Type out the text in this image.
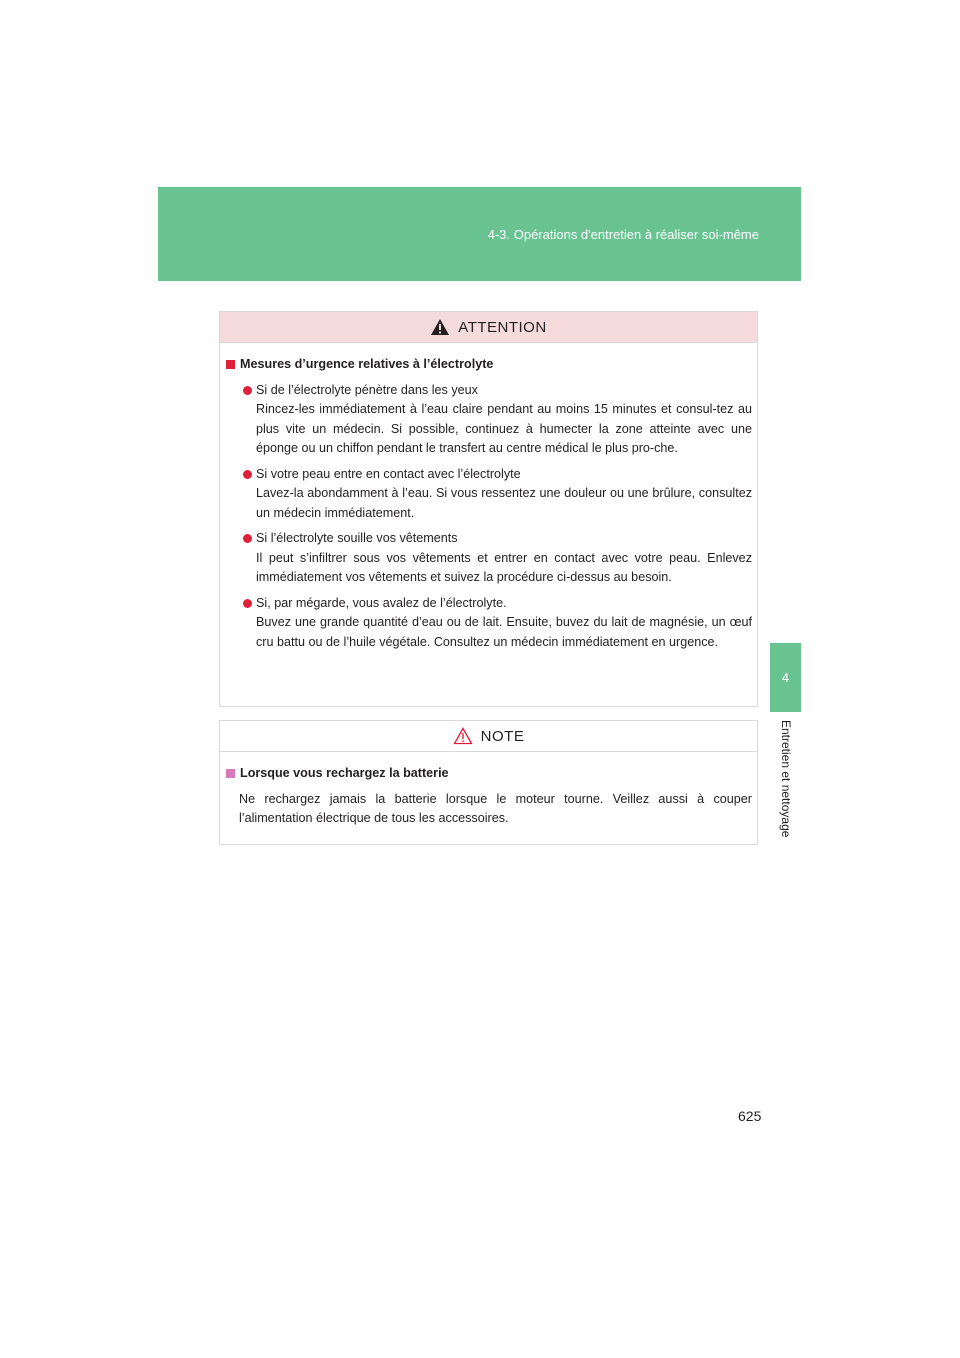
4-3. Opérations d'entretien à réaliser soi-même
4
Entretien et nettoyage
ATTENTION
Mesures d’urgence relatives à l’électrolyte
Si de l’électrolyte pénètre dans les yeux
Rincez-les immédiatement à l’eau claire pendant au moins 15 minutes et consul-tez au plus vite un médecin. Si possible, continuez à humecter la zone atteinte avec une éponge ou un chiffon pendant le transfert au centre médical le plus pro-che.
Si votre peau entre en contact avec l’électrolyte
Lavez-la abondamment à l’eau. Si vous ressentez une douleur ou une brûlure, consultez un médecin immédiatement.
Si l’électrolyte souille vos vêtements
Il peut s’infiltrer sous vos vêtements et entrer en contact avec votre peau. Enlevez immédiatement vos vêtements et suivez la procédure ci-dessus au besoin.
Si, par mégarde, vous avalez de l’électrolyte.
Buvez une grande quantité d’eau ou de lait. Ensuite, buvez du lait de magnésie, un œuf cru battu ou de l’huile végétale. Consultez un médecin immédiatement en urgence.
NOTE
Lorsque vous rechargez la batterie
Ne rechargez jamais la batterie lorsque le moteur tourne. Veillez aussi à couper l’alimentation électrique de tous les accessoires.
625
